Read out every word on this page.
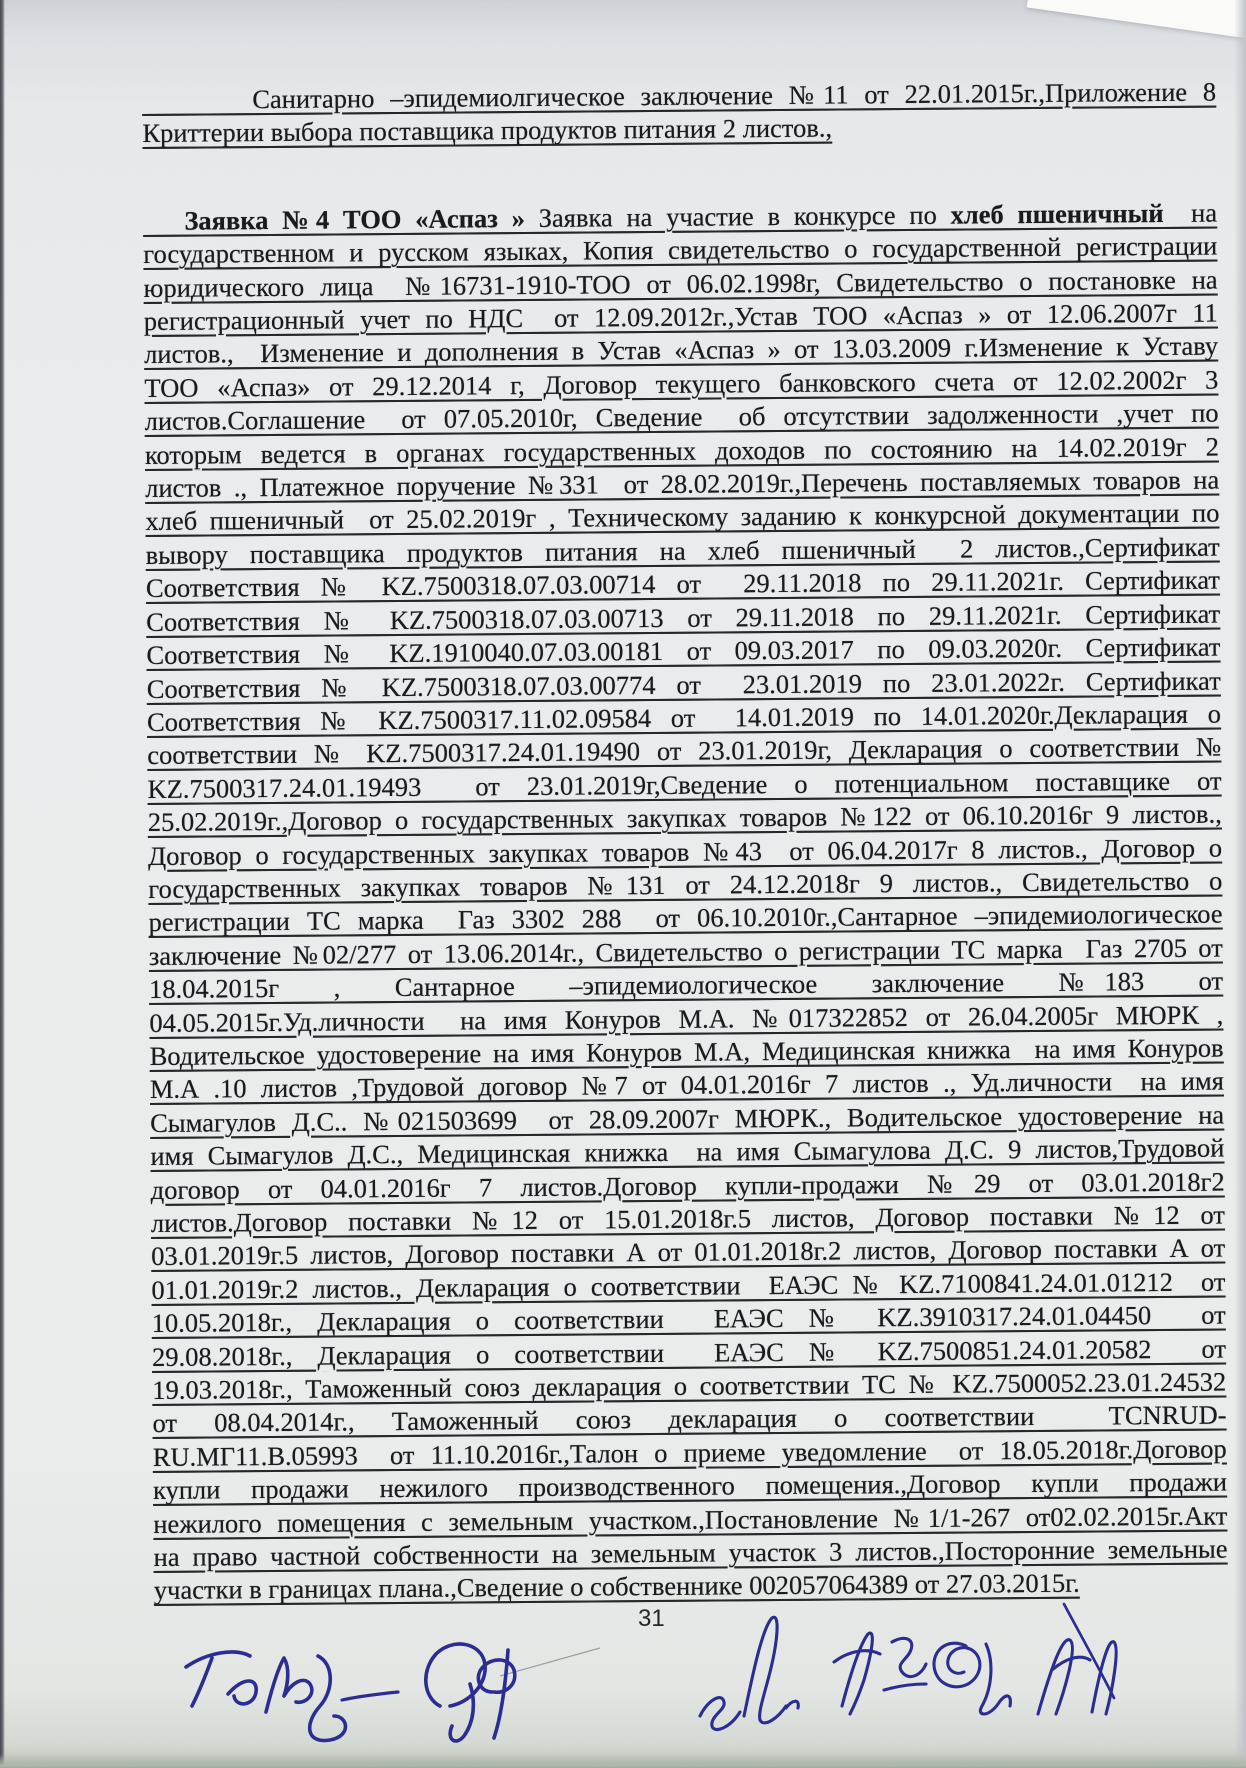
Санитарно –эпидемиолгическое заключение №11 от 22.01.2015г.,Приложение 8
Криттерии выбора поставщика продуктов питания 2 листов.,
Заявка №4 ТОО «Аспаз » Заявка на участие в конкурсе по хлеб пшеничный  на
государственном и русском языках, Копия свидетельство о государственной регистрации
юридического лица  №16731-1910-ТОО от 06.02.1998г, Свидетельство о постановке на
регистрационный учет по НДС  от 12.09.2012г.,Устав ТОО «Аспаз » от 12.06.2007г 11
листов.,  Изменение и дополнения в Устав «Аспаз » от 13.03.2009 г.Изменение к Уставу
ТОО «Аспаз» от 29.12.2014 г, Договор текущего банковского счета от 12.02.2002г 3
листов.Соглашение  от 07.05.2010г, Сведение  об отсутствии задолженности ,учет по
которым ведется в органах государственных доходов по состоянию на 14.02.2019г 2
листов ., Платежное поручение №331  от 28.02.2019г.,Перечень поставляемых товаров на
хлеб пшеничный  от 25.02.2019г , Техническому заданию к конкурсной документации по
вывору поставщика продуктов питания на хлеб пшеничный  2 листов.,Сертификат
Соответствия № KZ.7500318.07.03.00714 от  29.11.2018 по 29.11.2021г. Сертификат
Соответствия № KZ.7500318.07.03.00713 от 29.11.2018 по 29.11.2021г. Сертификат
Соответствия № KZ.1910040.07.03.00181 от 09.03.2017 по 09.03.2020г. Сертификат
Соответствия № KZ.7500318.07.03.00774 от  23.01.2019 по 23.01.2022г. Сертификат
Соответствия № KZ.7500317.11.02.09584 от  14.01.2019 по 14.01.2020г.Декларация о
соответствии № KZ.7500317.24.01.19490 от 23.01.2019г, Декларация о соответствии №
KZ.7500317.24.01.19493  от 23.01.2019г,Сведение о потенциальном поставщике от
25.02.2019г.,Договор о государственных закупках товаров №122 от 06.10.2016г 9 листов.,
Договор о государственных закупках товаров №43  от 06.04.2017г 8 листов., Договор о
государственных закупках товаров №131 от 24.12.2018г 9 листов., Свидетельство о
регистрации ТС марка  Газ 3302 288  от 06.10.2010г.,Сантарное –эпидемиологическое
заключение №02/277 от 13.06.2014г., Свидетельство о регистрации ТС марка  Газ 2705 от
18.04.2015г  ,  Сантарное  –эпидемиологическое  заключение  №183  от
04.05.2015г.Уд.личности  на имя Конуров М.А. №017322852 от 26.04.2005г МЮРК ,
Водительское удостоверение на имя Конуров М.А, Медицинская книжка  на имя Конуров
М.А .10 листов ,Трудовой договор №7 от 04.01.2016г 7 листов ., Уд.личности  на имя
Сымагулов Д.С.. №021503699  от 28.09.2007г МЮРК., Водительское удостоверение на
имя Сымагулов Д.С., Медицинская книжка  на имя Сымагулова Д.С. 9 листов,Трудовой
договор от 04.01.2016г 7 листов.Договор купли-продажи №29 от 03.01.2018г2
листов.Договор поставки №12 от 15.01.2018г.5 листов, Договор поставки №12 от
03.01.2019г.5 листов, Договор поставки А от 01.01.2018г.2 листов, Договор поставки А от
01.01.2019г.2 листов., Декларация о соответствии  ЕАЭС № KZ.7100841.24.01.01212  от
10.05.2018г., Декларация о соответствии  ЕАЭС № KZ.3910317.24.01.04450  от
29.08.2018г., Декларация о соответствии  ЕАЭС № KZ.7500851.24.01.20582  от
19.03.2018г., Таможенный союз декларация о соответствии ТС № KZ.7500052.23.01.24532
от 08.04.2014г., Таможенный союз декларация о соответствии  TCNRUD-
RU.МГ11.В.05993  от 11.10.2016г.,Талон о приеме уведомление  от 18.05.2018г.Договор
купли продажи нежилого производственного помещения.,Договор купли продажи
нежилого помещения с земельным участком.,Постановление №1/1-267 от02.02.2015г.Акт
на право частной собственности на земельным участок 3 листов.,Посторонние земельные
участки в границах плана.,Сведение о собственнике 002057064389 от 27.03.2015г.
31
